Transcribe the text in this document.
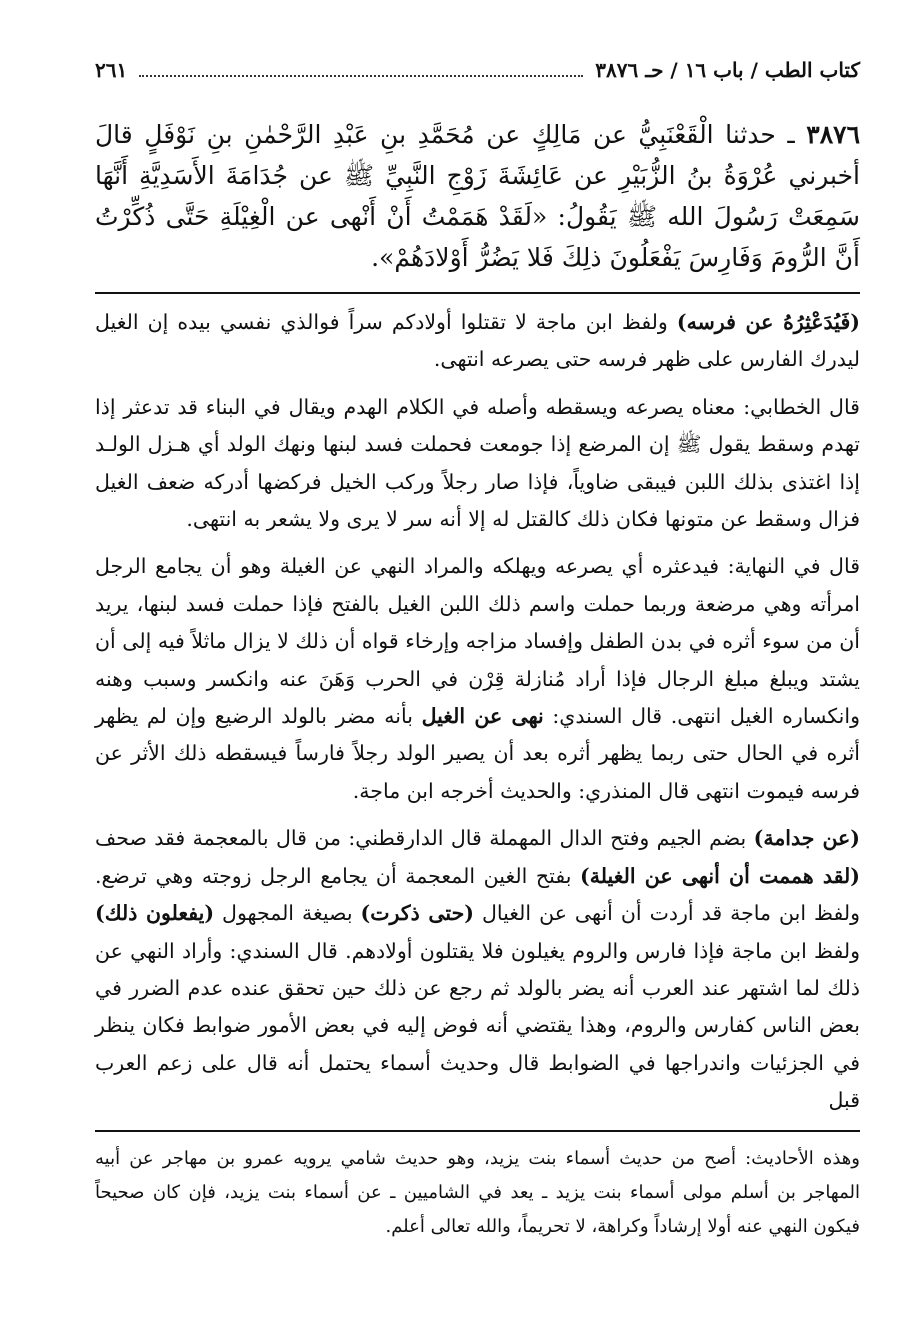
كتاب الطب / باب ١٦ / حـ ٣٨٧٦
٢٦١
٣٨٧٦ ـ حدثنا الْقَعْنَبِيُّ عن مَالِكٍ عن مُحَمَّدِ بنِ عَبْدِ الرَّحْمٰنِ بنِ نَوْفَلٍ قالَ أخبرني عُرْوَةُ بنُ الزُّبَيْرِ عن عَائِشَةَ زَوْجِ النَّبِيِّ ﷺ عن جُدَامَةَ الأَسَدِيَّةِ أَنَّهَا سَمِعَتْ رَسُولَ الله ﷺ يَقُولُ: «لَقَدْ هَمَمْتُ أَنْ أَنْهى عن الْغِيْلَةِ حَتَّى ذُكِّرْتُ أَنَّ الرُّومَ وَفَارِسَ يَفْعَلُونَ ذلِكَ فَلا يَضُرُّ أَوْلادَهُمْ».

(فَيُدَعْثِرُهُ عن فرسه) ولفظ ابن ماجة لا تقتلوا أولادكم سراً فوالذي نفسي بيده إن الغيل ليدرك الفارس على ظهر فرسه حتى يصرعه انتهى.

قال الخطابي: معناه يصرعه ويسقطه وأصله في الكلام الهدم ويقال في البناء قد تدعثر إذا تهدم وسقط يقول ﷺ إن المرضع إذا جومعت فحملت فسد لبنها ونهك الولد أي هـزل الولـد إذا اغتذى بذلك اللبن فيبقى ضاوياً، فإذا صار رجلاً وركب الخيل فركضها أدركه ضعف الغيل فزال وسقط عن متونها فكان ذلك كالقتل له إلا أنه سر لا يرى ولا يشعر به انتهى.

قال في النهاية: فيدعثره أي يصرعه ويهلكه والمراد النهي عن الغيلة وهو أن يجامع الرجل امرأته وهي مرضعة وربما حملت واسم ذلك اللبن الغيل بالفتح فإذا حملت فسد لبنها، يريد أن من سوء أثره في بدن الطفل وإفساد مزاجه وإرخاء قواه أن ذلك لا يزال ماثلاً فيه إلى أن يشتد ويبلغ مبلغ الرجال فإذا أراد مُنازلة قِرْن في الحرب وَهَنَ عنه وانكسر وسبب وهنه وانكساره الغيل انتهى. قال السندي: نهى عن الغيل بأنه مضر بالولد الرضيع وإن لم يظهر أثره في الحال حتى ربما يظهر أثره بعد أن يصير الولد رجلاً فارساً فيسقطه ذلك الأثر عن فرسه فيموت انتهى قال المنذري: والحديث أخرجه ابن ماجة.

(عن جدامة) بضم الجيم وفتح الدال المهملة قال الدارقطني: من قال بالمعجمة فقد صحف (لقد هممت أن أنهى عن الغيلة) بفتح الغين المعجمة أن يجامع الرجل زوجته وهي ترضع. ولفظ ابن ماجة قد أردت أن أنهى عن الغيال (حتى ذكرت) بصيغة المجهول (يفعلون ذلك) ولفظ ابن ماجة فإذا فارس والروم يغيلون فلا يقتلون أولادهم. قال السندي: وأراد النهي عن ذلك لما اشتهر عند العرب أنه يضر بالولد ثم رجع عن ذلك حين تحقق عنده عدم الضرر في بعض الناس كفارس والروم، وهذا يقتضي أنه فوض إليه في بعض الأمور ضوابط فكان ينظر في الجزئيات واندراجها في الضوابط قال وحديث أسماء يحتمل أنه قال على زعم العرب قبل

وهذه الأحاديث: أصح من حديث أسماء بنت يزيد، وهو حديث شامي يرويه عمرو بن مهاجر عن أبيه المهاجر بن أسلم مولى أسماء بنت يزيد ـ يعد في الشاميين ـ عن أسماء بنت يزيد، فإن كان صحيحاً فيكون النهي عنه أولا إرشاداً وكراهة، لا تحريماً، والله تعالى أعلم.
